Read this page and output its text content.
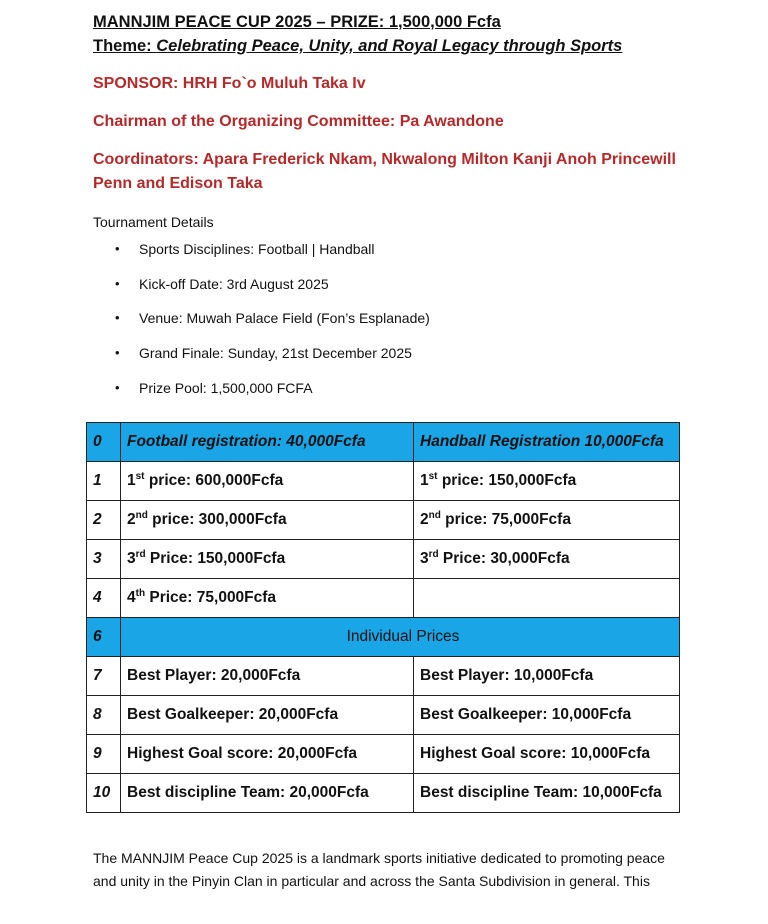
MANNJIM PEACE CUP 2025 – PRIZE: 1,500,000 Fcfa
Theme: Celebrating Peace, Unity, and Royal Legacy through Sports
SPONSOR: HRH Fo`o Muluh Taka Iv
Chairman of the Organizing Committee: Pa Awandone
Coordinators: Apara Frederick Nkam, Nkwalong Milton Kanji Anoh Princewill Penn and Edison Taka
Tournament Details
• Sports Disciplines: Football | Handball
• Kick-off Date: 3rd August 2025
• Venue: Muwah Palace Field (Fon’s Esplanade)
• Grand Finale: Sunday, 21st December 2025
• Prize Pool: 1,500,000 FCFA
0	Football registration: 40,000Fcfa	Handball Registration 10,000Fcfa
1	1st price: 600,000Fcfa	1st price: 150,000Fcfa
2	2nd price: 300,000Fcfa	2nd price: 75,000Fcfa
3	3rd Price: 150,000Fcfa	3rd Price: 30,000Fcfa
4	4th Price: 75,000Fcfa	
6	Individual Prices	
7	Best Player: 20,000Fcfa	Best Player: 10,000Fcfa
8	Best Goalkeeper: 20,000Fcfa	Best Goalkeeper: 10,000Fcfa
9	Highest Goal score: 20,000Fcfa	Highest Goal score: 10,000Fcfa
10	Best discipline Team: 20,000Fcfa	Best discipline Team: 10,000Fcfa
The MANNJIM Peace Cup 2025 is a landmark sports initiative dedicated to promoting peace and unity in the Pinyin Clan in particular and across the Santa Subdivision in general. This
